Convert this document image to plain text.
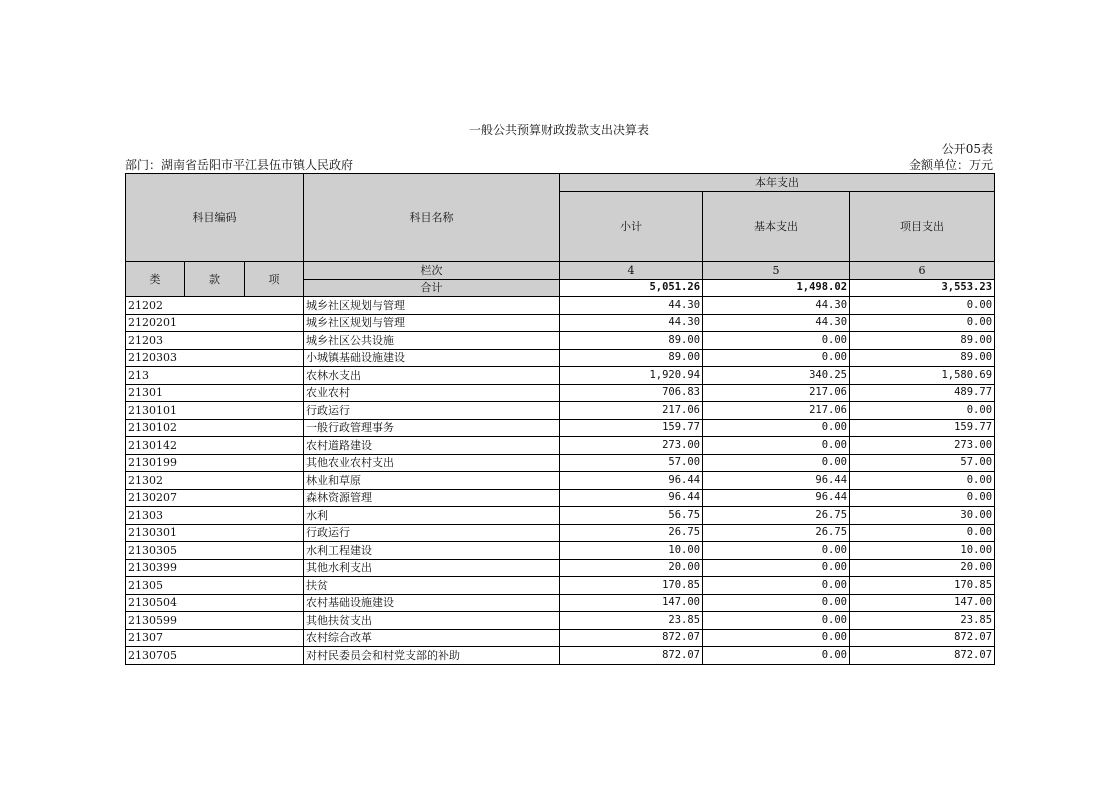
一般公共预算财政拨款支出决算表
公开05表
部门：湖南省岳阳市平江县伍市镇人民政府	金额单位：万元
科目编码			科目名称	本年支出		
				小计	基本支出	项目支出
类	款	项	栏次	4	5	6
			合计	5,051.26	1,498.02	3,553.23
21202			城乡社区规划与管理	44.30	44.30	0.00
2120201			城乡社区规划与管理	44.30	44.30	0.00
21203			城乡社区公共设施	89.00	0.00	89.00
2120303			小城镇基础设施建设	89.00	0.00	89.00
213			农林水支出	1,920.94	340.25	1,580.69
21301			农业农村	706.83	217.06	489.77
2130101			行政运行	217.06	217.06	0.00
2130102			一般行政管理事务	159.77	0.00	159.77
2130142			农村道路建设	273.00	0.00	273.00
2130199			其他农业农村支出	57.00	0.00	57.00
21302			林业和草原	96.44	96.44	0.00
2130207			森林资源管理	96.44	96.44	0.00
21303			水利	56.75	26.75	30.00
2130301			行政运行	26.75	26.75	0.00
2130305			水利工程建设	10.00	0.00	10.00
2130399			其他水利支出	20.00	0.00	20.00
21305			扶贫	170.85	0.00	170.85
2130504			农村基础设施建设	147.00	0.00	147.00
2130599			其他扶贫支出	23.85	0.00	23.85
21307			农村综合改革	872.07	0.00	872.07
2130705			对村民委员会和村党支部的补助	872.07	0.00	872.07
